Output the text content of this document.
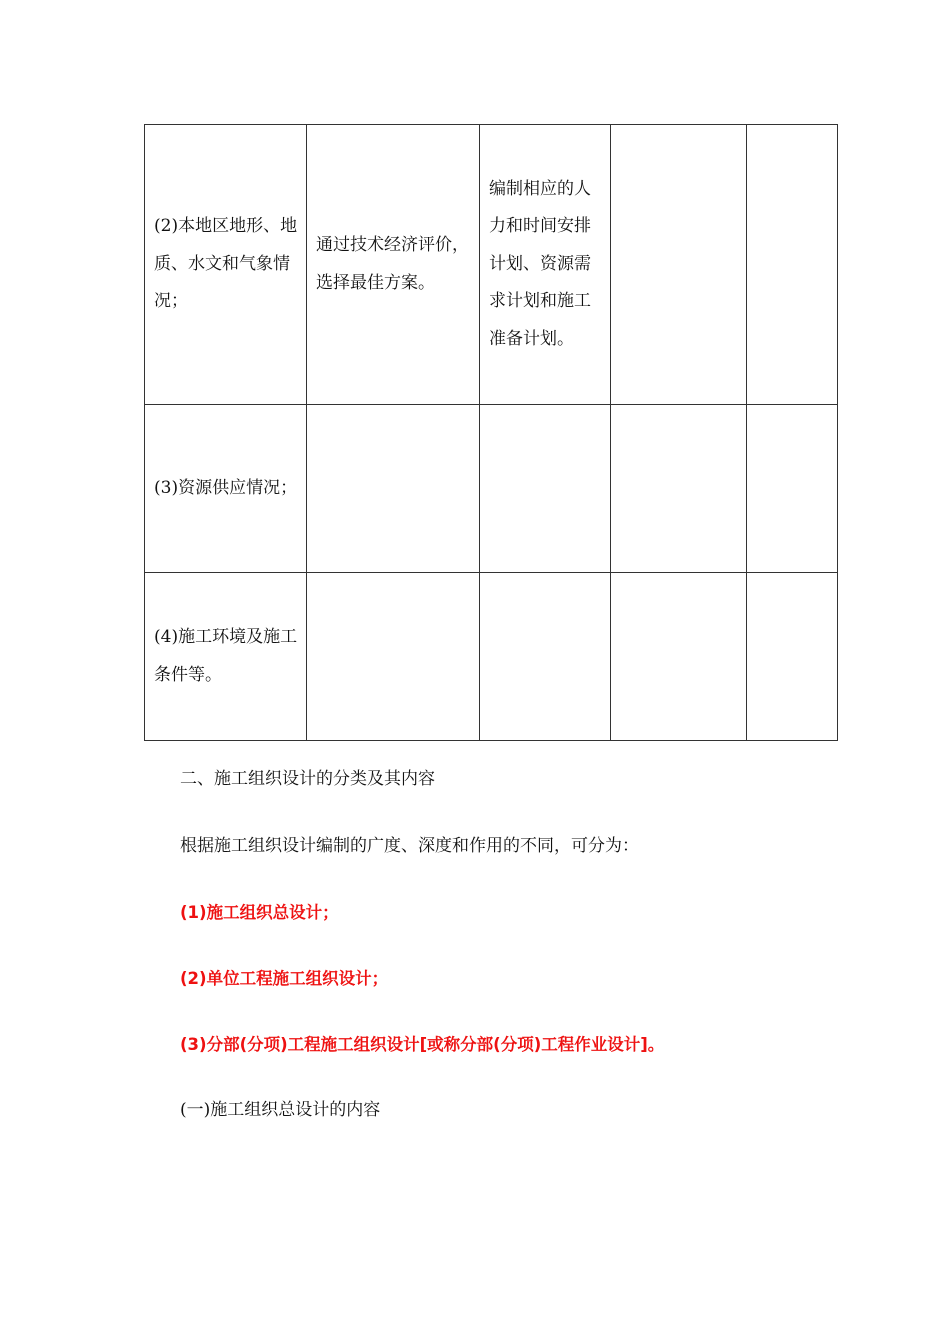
(2)本地区地形、地质、水文和气象情况；	通过技术经济评价，选择最佳方案。	编制相应的人力和时间安排计划、资源需求计划和施工准备计划。		

(3)资源供应情况；				

(4)施工环境及施工条件等。				

二、施工组织设计的分类及其内容
根据施工组织设计编制的广度、深度和作用的不同，可分为：
(1)施工组织总设计；
(2)单位工程施工组织设计；
(3)分部(分项)工程施工组织设计[或称分部(分项)工程作业设计]。
(一)施工组织总设计的内容
